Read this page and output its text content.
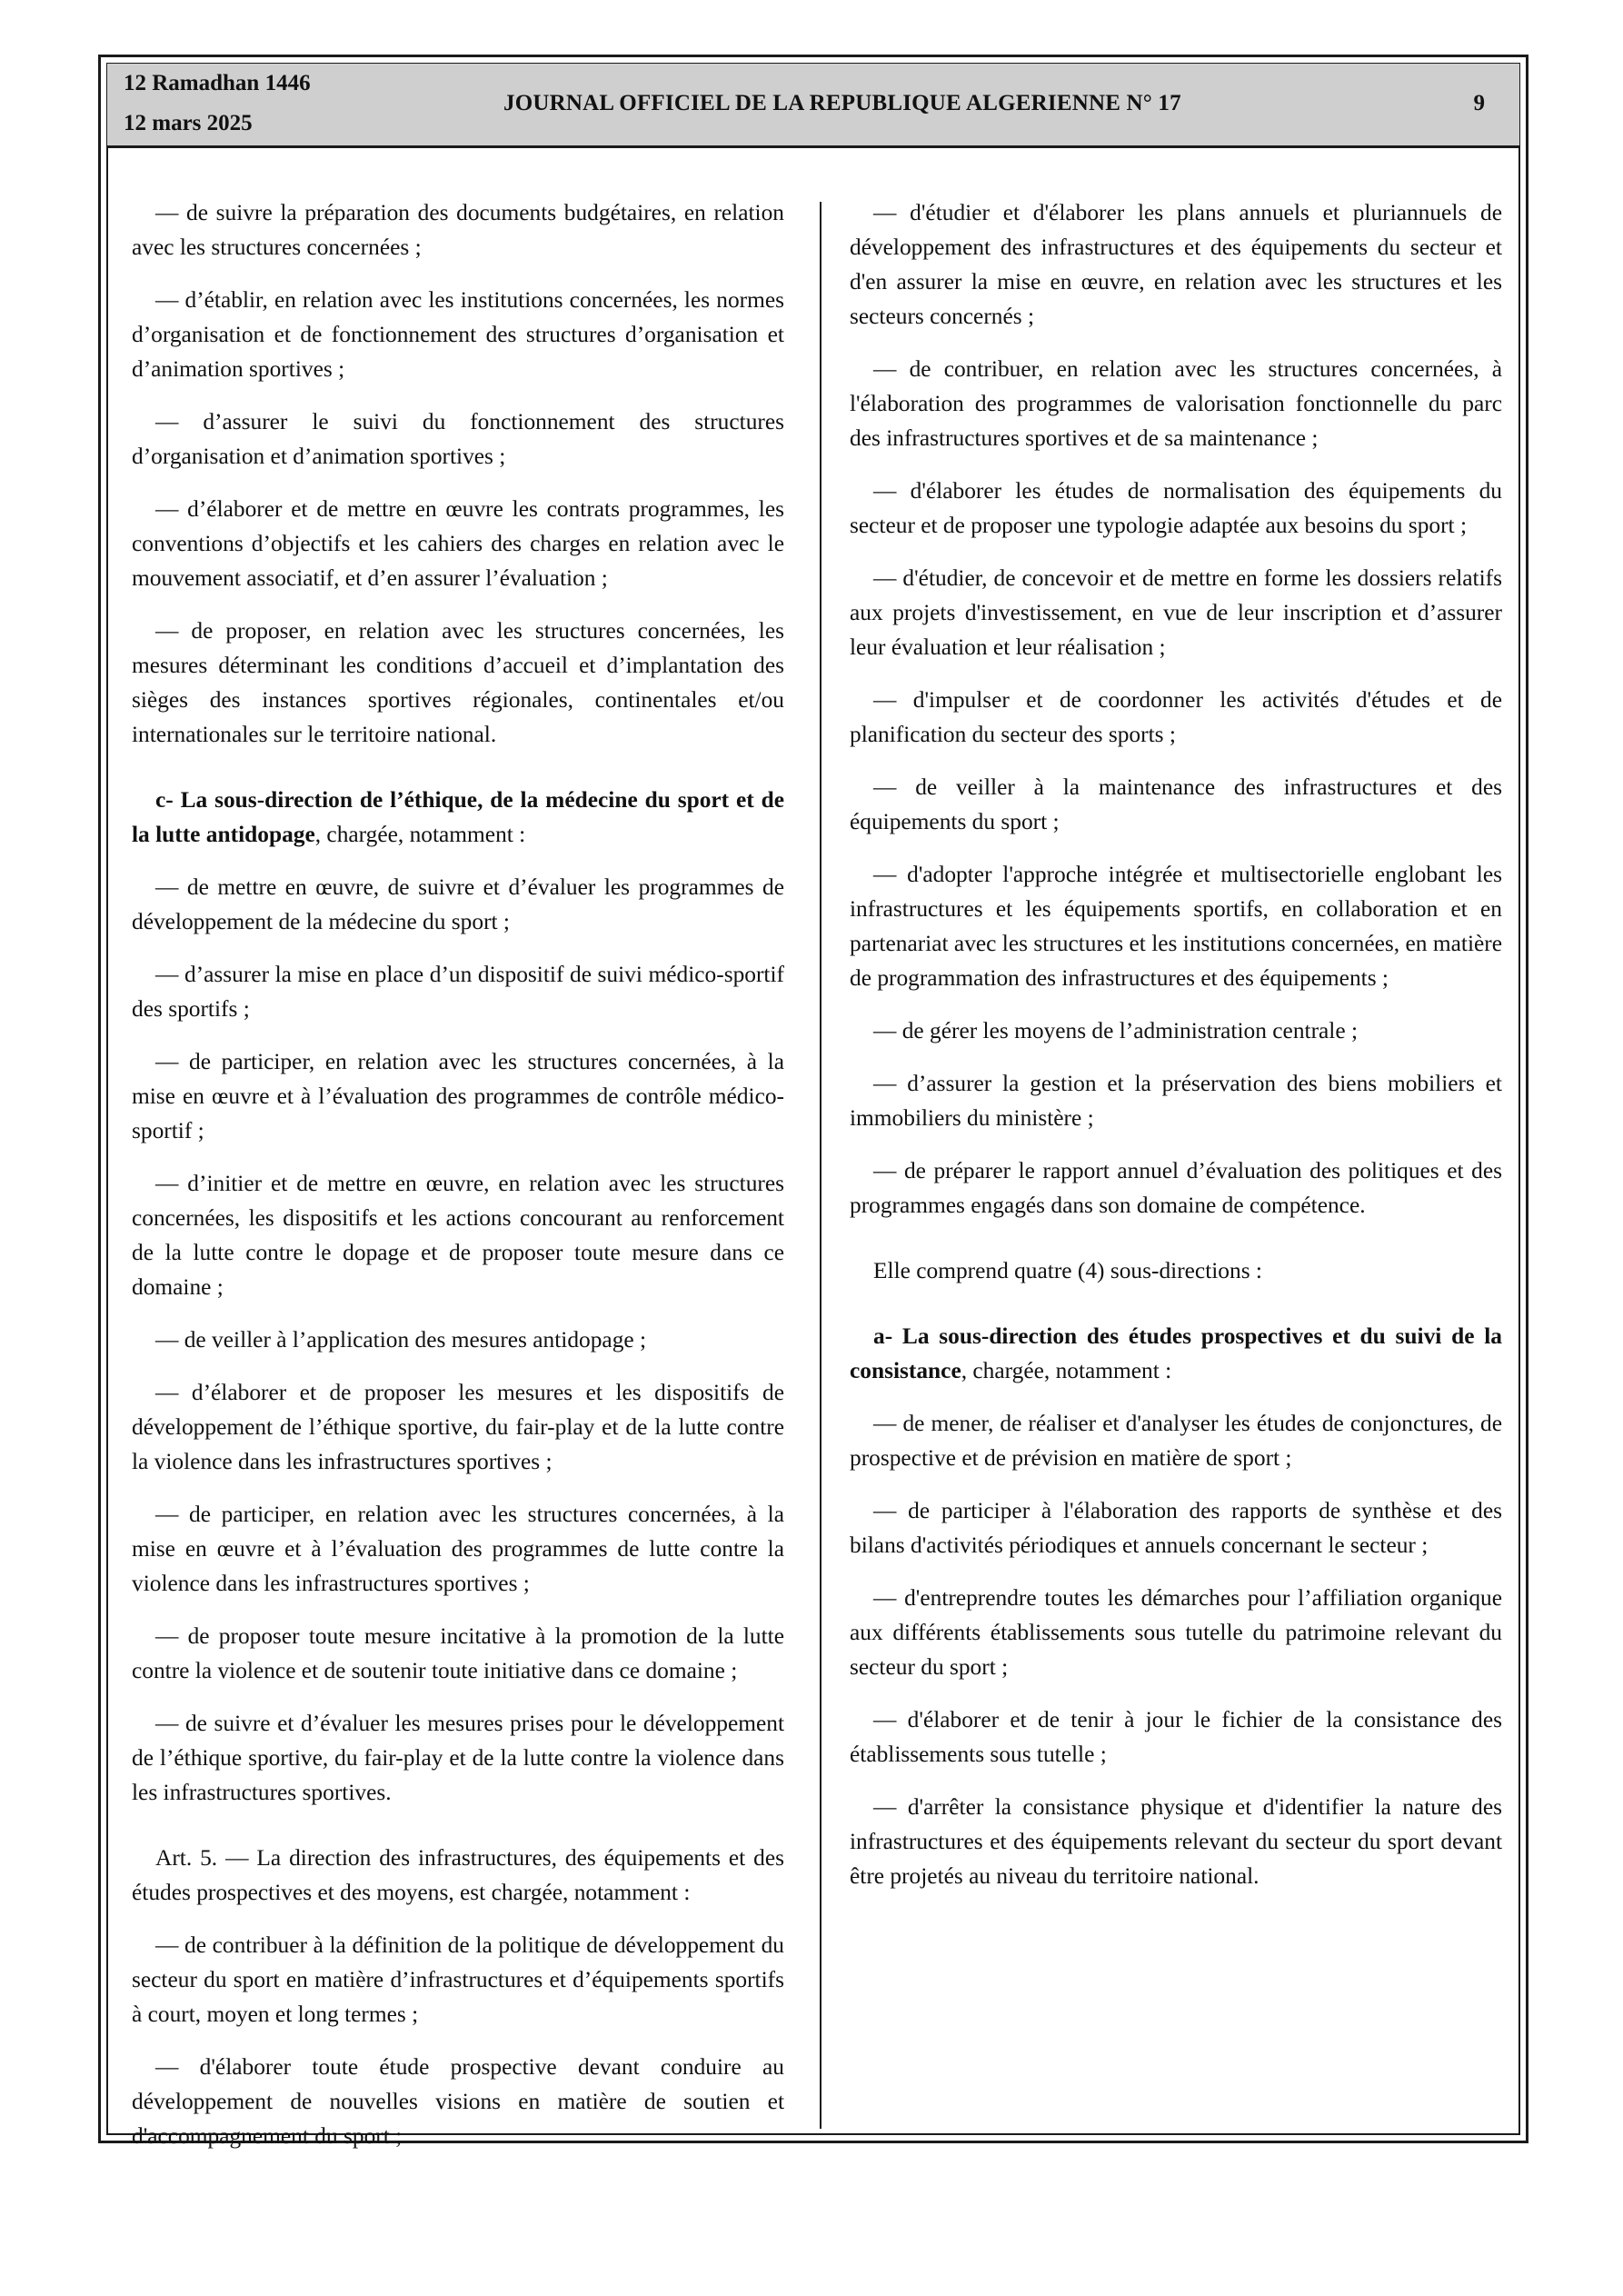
12 Ramadhan 1446
12 mars 2025
JOURNAL OFFICIEL DE LA REPUBLIQUE ALGERIENNE N° 17	9

— de suivre la préparation des documents budgétaires, en relation avec les structures concernées ;

— d’établir, en relation avec les institutions concernées, les normes d’organisation et de fonctionnement des structures d’organisation et d’animation sportives ;

— d’assurer le suivi du fonctionnement des structures d’organisation et d’animation sportives ;

— d’élaborer et de mettre en œuvre les contrats programmes, les conventions d’objectifs et les cahiers des charges en relation avec le mouvement associatif, et d’en assurer l’évaluation ;

— de proposer, en relation avec les structures concernées, les mesures déterminant les conditions d’accueil et d’implantation des sièges des instances sportives régionales, continentales et/ou internationales sur le territoire national.

c- La sous-direction de l’éthique, de la médecine du sport et de la lutte antidopage, chargée, notamment :

— de mettre en œuvre, de suivre et d’évaluer les programmes de développement de la médecine du sport ;

— d’assurer la mise en place d’un dispositif de suivi médico-sportif des sportifs ;

— de participer, en relation avec les structures concernées, à la mise en œuvre et à l’évaluation des programmes de contrôle médico-sportif ;

— d’initier et de mettre en œuvre, en relation avec les structures concernées, les dispositifs et les actions concourant au renforcement de la lutte contre le dopage et de proposer toute mesure dans ce domaine ;

— de veiller à l’application des mesures antidopage ;

— d’élaborer et de proposer les mesures et les dispositifs de développement de l’éthique sportive, du fair-play et de la lutte contre la violence dans les infrastructures sportives ;

— de participer, en relation avec les structures concernées, à la mise en œuvre et à l’évaluation des programmes de lutte contre la violence dans les infrastructures sportives ;

— de proposer toute mesure incitative à la promotion de la lutte contre la violence et de soutenir toute initiative dans ce domaine ;

— de suivre et d’évaluer les mesures prises pour le développement de l’éthique sportive, du fair-play et de la lutte contre la violence dans les infrastructures sportives.

Art. 5. — La direction des infrastructures, des équipements et des études prospectives et des moyens, est chargée, notamment :

— de contribuer à la définition de la politique de développement du secteur du sport en matière d’infrastructures et d’équipements sportifs à court, moyen et long termes ;

— d'élaborer toute étude prospective devant conduire au développement de nouvelles visions en matière de soutien et d'accompagnement du sport ;

— d'étudier et d'élaborer les plans annuels et pluriannuels de développement des infrastructures et des équipements du secteur et d'en assurer la mise en œuvre, en relation avec les structures et les secteurs concernés ;

— de contribuer, en relation avec les structures concernées, à l'élaboration des programmes de valorisation fonctionnelle du parc des infrastructures sportives et de sa maintenance ;

— d'élaborer les études de normalisation des équipements du secteur et de proposer une typologie adaptée aux besoins du sport ;

— d'étudier, de concevoir et de mettre en forme les dossiers relatifs aux projets d'investissement, en vue de leur inscription et d’assurer leur évaluation et leur réalisation ;

— d'impulser et de coordonner les activités d'études et de planification du secteur des sports ;

— de veiller à la maintenance des infrastructures et des équipements du sport ;

— d'adopter l'approche intégrée et multisectorielle englobant les infrastructures et les équipements sportifs, en collaboration et en partenariat avec les structures et les institutions concernées, en matière de programmation des infrastructures et des équipements ;

— de gérer les moyens de l’administration centrale ;

— d’assurer la gestion et la préservation des biens mobiliers et immobiliers du ministère ;

— de préparer le rapport annuel d’évaluation des politiques et des programmes engagés dans son domaine de compétence.

Elle comprend quatre (4) sous-directions :

a- La sous-direction des études prospectives et du suivi de la consistance, chargée, notamment :

— de mener, de réaliser et d'analyser les études de conjonctures, de prospective et de prévision en matière de sport ;

— de participer à l'élaboration des rapports de synthèse et des bilans d'activités périodiques et annuels concernant le secteur ;

— d'entreprendre toutes les démarches pour l’affiliation organique aux différents établissements sous tutelle du patrimoine relevant du secteur du sport ;

— d'élaborer et de tenir à jour le fichier de la consistance des établissements sous tutelle ;

— d'arrêter la consistance physique et d'identifier la nature des infrastructures et des équipements relevant du secteur du sport devant être projetés au niveau du territoire national.
